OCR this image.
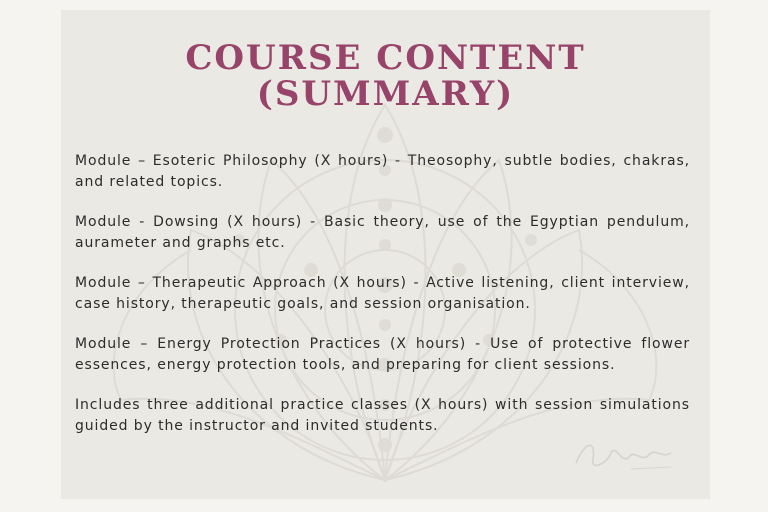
COURSE CONTENT
(SUMMARY)

Module – Esoteric Philosophy (X hours) - Theosophy, subtle bodies, chakras, and related topics.

Module - Dowsing (X hours) - Basic theory, use of the Egyptian pendulum, aurameter and graphs etc.

Module – Therapeutic Approach (X hours) - Active listening, client interview, case history, therapeutic goals, and session organisation.

Module – Energy Protection Practices (X hours) - Use of protective flower essences, energy protection tools, and preparing for client sessions.

Includes three additional practice classes (X hours) with session simulations guided by the instructor and invited students.
